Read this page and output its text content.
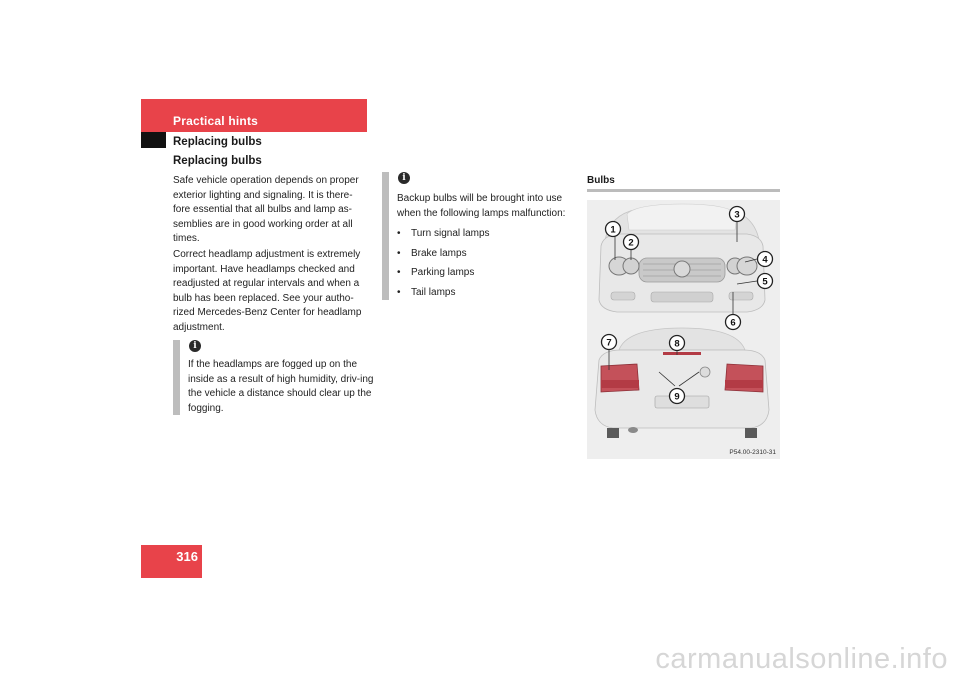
Practical hints
Replacing bulbs
Replacing bulbs
Safe vehicle operation depends on proper exterior lighting and signaling. It is there-fore essential that all bulbs and lamp as-semblies are in good working order at all times.
Correct headlamp adjustment is extremely important. Have headlamps checked and readjusted at regular intervals and when a bulb has been replaced. See your autho-rized Mercedes-Benz Center for headlamp adjustment.
i
If the headlamps are fogged up on the inside as a result of high humidity, driv-ing the vehicle a distance should clear up the fogging.
i
Backup bulbs will be brought into use when the following lamps malfunction:
• Turn signal lamps
• Brake lamps
• Parking lamps
• Tail lamps
Bulbs
1
2
3
4
5
6
7	8
9
P54.00-2310-31
316
carmanualsonline.info
